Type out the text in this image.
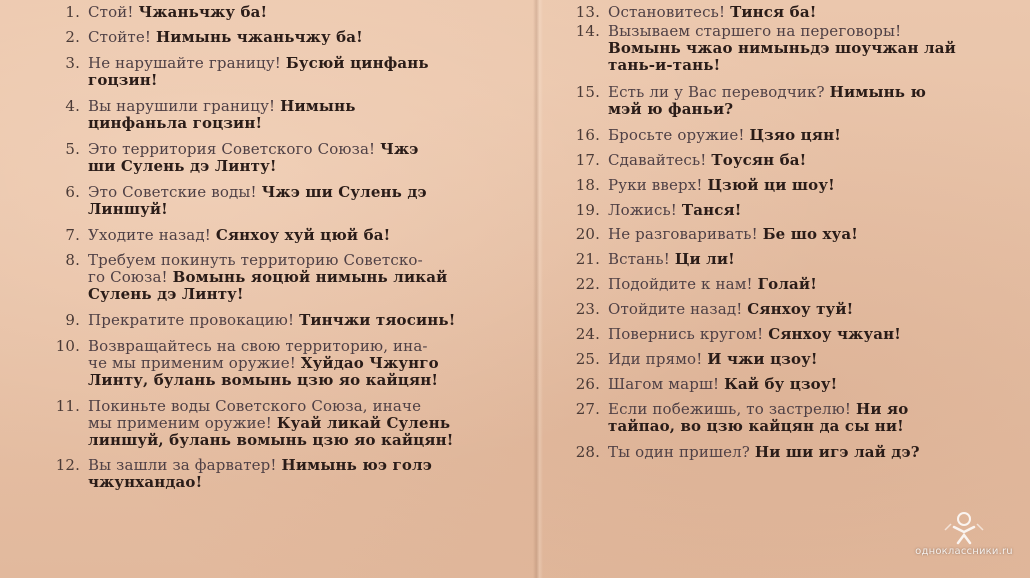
1. Стой! Чжаньчжу ба!
2. Стойте! Нимынь чжаньчжу ба!
3. Не нарушайте границу! Бусюй цинфань
гоцзин!
4. Вы нарушили границу! Нимынь
цинфаньла гоцзин!
5. Это территория Советского Союза! Чжэ
ши Сулень дэ Линту!
6. Это Советские воды! Чжэ ши Сулень дэ
Линшуй!
7. Уходите назад! Сянхоу хуй цюй ба!
8. Требуем покинуть территорию Советско-
го Союза! Вомынь яоцюй нимынь ликай
Сулень дэ Линту!
9. Прекратите провокацию! Тинчжи тяосинь!
10. Возвращайтесь на свою территорию, ина-
че мы применим оружие! Хуйдао Чжунго
Линту, булань вомынь цзю яо кайцян!
11. Покиньте воды Советского Союза, иначе
мы применим оружие! Куай ликай Сулень
линшуй, булань вомынь цзю яо кайцян!
12. Вы зашли за фарватер! Нимынь юэ голэ
чжунхандао!
13. Остановитесь! Тинся ба!
14. Вызываем старшего на переговоры!
Вомынь чжао нимыньдэ шоучжан лай
тань-и-тань!
15. Есть ли у Вас переводчик? Нимынь ю
мэй ю фаньи?
16. Бросьте оружие! Цзяо цян!
17. Сдавайтесь! Тоусян ба!
18. Руки вверх! Цзюй ци шоу!
19. Ложись! Танся!
20. Не разговаривать! Бе шо хуа!
21. Встань! Ци ли!
22. Подойдите к нам! Голай!
23. Отойдите назад! Сянхоу туй!
24. Повернись кругом! Сянхоу чжуан!
25. Иди прямо! И чжи цзоу!
26. Шагом марш! Кай бу цзоу!
27. Если побежишь, то застрелю! Ни яо
тайпао, во цзю кайцян да сы ни!
28. Ты один пришел? Ни ши игэ лай дэ?
одноклассники.ru
